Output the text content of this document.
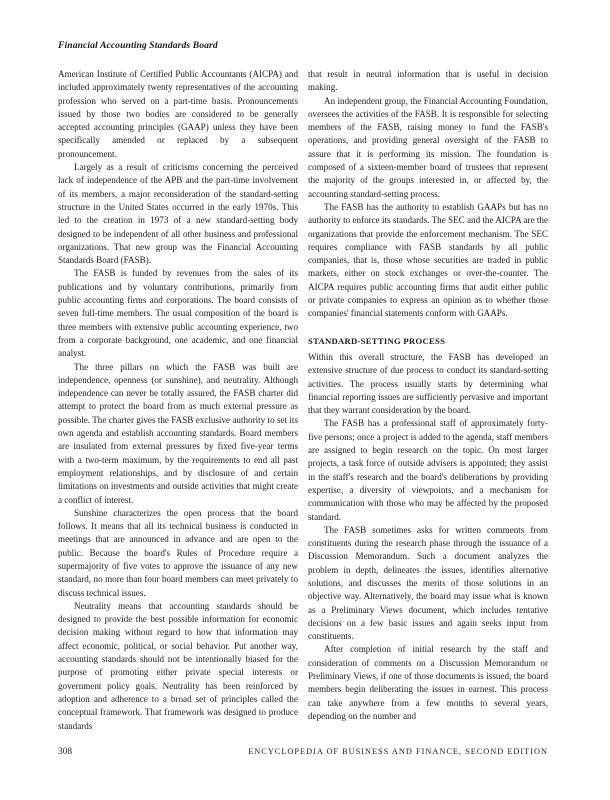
Financial Accounting Standards Board

American Institute of Certified Public Accountants (AICPA) and included approximately twenty representatives of the accounting profession who served on a part-time basis. Pronouncements issued by those two bodies are considered to be generally accepted accounting principles (GAAP) unless they have been specifically amended or replaced by a subsequent pronouncement.

Largely as a result of criticisms concerning the perceived lack of independence of the APB and the part-time involvement of its members, a major reconsideration of the standard-setting structure in the United States occurred in the early 1970s. This led to the creation in 1973 of a new standard-setting body designed to be independent of all other business and professional organizations. That new group was the Financial Accounting Standards Board (FASB).

The FASB is funded by revenues from the sales of its publications and by voluntary contributions, primarily from public accounting firms and corporations. The board consists of seven full-time members. The usual composition of the board is three members with extensive public accounting experience, two from a corporate background, one academic, and one financial analyst.

The three pillars on which the FASB was built are independence, openness (or sunshine), and neutrality. Although independence can never be totally assured, the FASB charter did attempt to protect the board from as much external pressure as possible. The charter gives the FASB exclusive authority to set its own agenda and establish accounting standards. Board members are insulated from external pressures by fixed five-year terms with a two-term maximum, by the requirements to end all past employment relationships, and by disclosure of and certain limitations on investments and outside activities that might create a conflict of interest.

Sunshine characterizes the open process that the board follows. It means that all its technical business is conducted in meetings that are announced in advance and are open to the public. Because the board's Rules of Procedure require a supermajority of five votes to approve the issuance of any new standard, no more than four board members can meet privately to discuss technical issues.

Neutrality means that accounting standards should be designed to provide the best possible information for economic decision making without regard to how that information may affect economic, political, or social behavior. Put another way, accounting standards should not be intentionally biased for the purpose of promoting either private special interests or government policy goals. Neutrality has been reinforced by adoption and adherence to a broad set of principles called the conceptual framework. That framework was designed to produce standards

that result in neutral information that is useful in decision making.

An independent group, the Financial Accounting Foundation, oversees the activities of the FASB. It is responsible for selecting members of the FASB, raising money to fund the FASB's operations, and providing general oversight of the FASB to assure that it is performing its mission. The foundation is composed of a sixteen-member board of trustees that represent the majority of the groups interested in, or affected by, the accounting standard-setting process.

The FASB has the authority to establish GAAPs but has no authority to enforce its standards. The SEC and the AICPA are the organizations that provide the enforcement mechanism. The SEC requires compliance with FASB standards by all public companies, that is, those whose securities are traded in public markets, either on stock exchanges or over-the-counter. The AICPA requires public accounting firms that audit either public or private companies to express an opinion as to whether those companies' financial statements conform with GAAPs.

STANDARD-SETTING PROCESS

Within this overall structure, the FASB has developed an extensive structure of due process to conduct its standard-setting activities. The process usually starts by determining what financial reporting issues are sufficiently pervasive and important that they warrant consideration by the board.

The FASB has a professional staff of approximately forty-five persons; once a project is added to the agenda, staff members are assigned to begin research on the topic. On most larger projects, a task force of outside advisers is appointed; they assist in the staff's research and the board's deliberations by providing expertise, a diversity of viewpoints, and a mechanism for communication with those who may be affected by the proposed standard.

The FASB sometimes asks for written comments from constituents during the research phase through the issuance of a Discussion Memorandum. Such a document analyzes the problem in depth, delineates the issues, identifies alternative solutions, and discusses the merits of those solutions in an objective way. Alternatively, the board may issue what is known as a Preliminary Views document, which includes tentative decisions on a few basic issues and again seeks input from constituents.

After completion of initial research by the staff and consideration of comments on a Discussion Memorandum or Preliminary Views, if one of those documents is issued, the board members begin deliberating the issues in earnest. This process can take anywhere from a few months to several years, depending on the number and

308	ENCYCLOPEDIA OF BUSINESS AND FINANCE, SECOND EDITION
